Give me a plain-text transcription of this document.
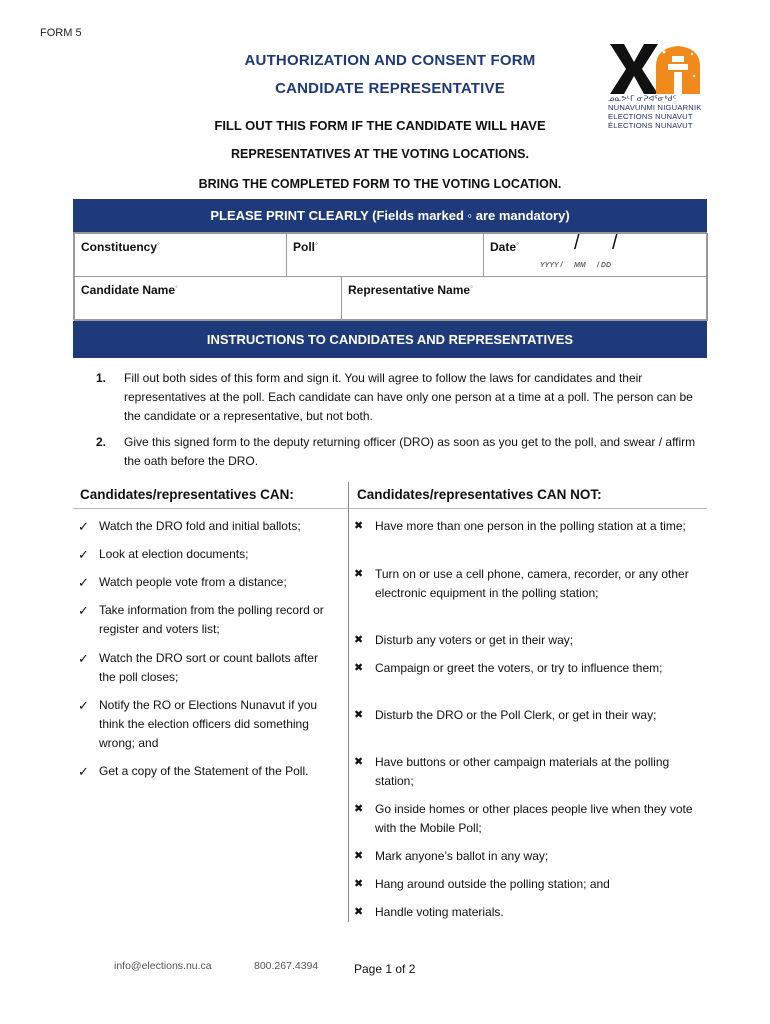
FORM 5
AUTHORIZATION AND CONSENT FORM
CANDIDATE REPRESENTATIVE
ᓄᓇᕗᒻᒥ ᓂᕈᐊᕐᓂᒃᑯᑦ
NUNAVUNMI NIGUARNIK
ELECTIONS NUNAVUT
ÉLECTIONS NUNAVUT
FILL OUT THIS FORM IF THE CANDIDATE WILL HAVE
REPRESENTATIVES AT THE VOTING LOCATIONS.
BRING THE COMPLETED FORM TO THE VOTING LOCATION.
PLEASE PRINT CLEARLY (Fields marked ◦ are mandatory)
Constituency◦	Poll◦	Date◦	/ /
YYYY / MM / DD
Candidate Name◦	Representative Name◦
INSTRUCTIONS TO CANDIDATES AND REPRESENTATIVES
1. Fill out both sides of this form and sign it. You will agree to follow the laws for candidates and their representatives at the poll. Each candidate can have only one person at a time at a poll. The person can be the candidate or a representative, but not both.
2. Give this signed form to the deputy returning officer (DRO) as soon as you get to the poll, and swear / affirm the oath before the DRO.
Candidates/representatives CAN:	Candidates/representatives CAN NOT:
✓ Watch the DRO fold and initial ballots;
✓ Look at election documents;
✓ Watch people vote from a distance;
✓ Take information from the polling record or register and voters list;
✓ Watch the DRO sort or count ballots after the poll closes;
✓ Notify the RO or Elections Nunavut if you think the election officers did something wrong; and
✓ Get a copy of the Statement of the Poll.
✖ Have more than one person in the polling station at a time;
✖ Turn on or use a cell phone, camera, recorder, or any other electronic equipment in the polling station;
✖ Disturb any voters or get in their way;
✖ Campaign or greet the voters, or try to influence them;
✖ Disturb the DRO or the Poll Clerk, or get in their way;
✖ Have buttons or other campaign materials at the polling station;
✖ Go inside homes or other places people live when they vote with the Mobile Poll;
✖ Mark anyone’s ballot in any way;
✖ Hang around outside the polling station; and
✖ Handle voting materials.
info@elections.nu.ca	800.267.4394	Page 1 of 2
